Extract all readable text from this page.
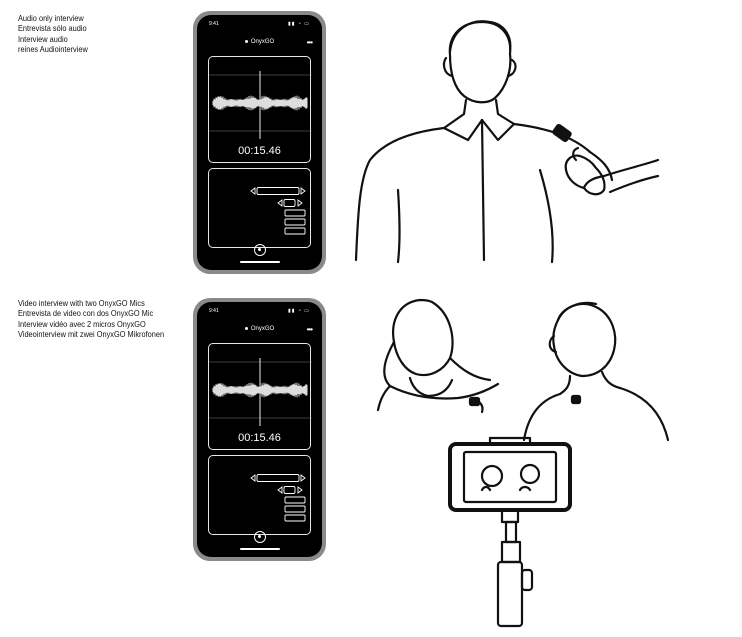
Audio only interview
Entrevista sólo audio
Interview audio
reines Audiointerview
Video interview with two OnyxGO Mics
Entrevista de video con dos OnyxGO Mic
Interview vidéo avec 2 micros OnyxGO
Videointerview mit zwei OnyxGO Mikrofonen
9:41	▮▮ ◔ ▭
OnyxGO	•••
00:15.46
9:41	▮▮ ◔ ▭
OnyxGO	•••
00:15.46
